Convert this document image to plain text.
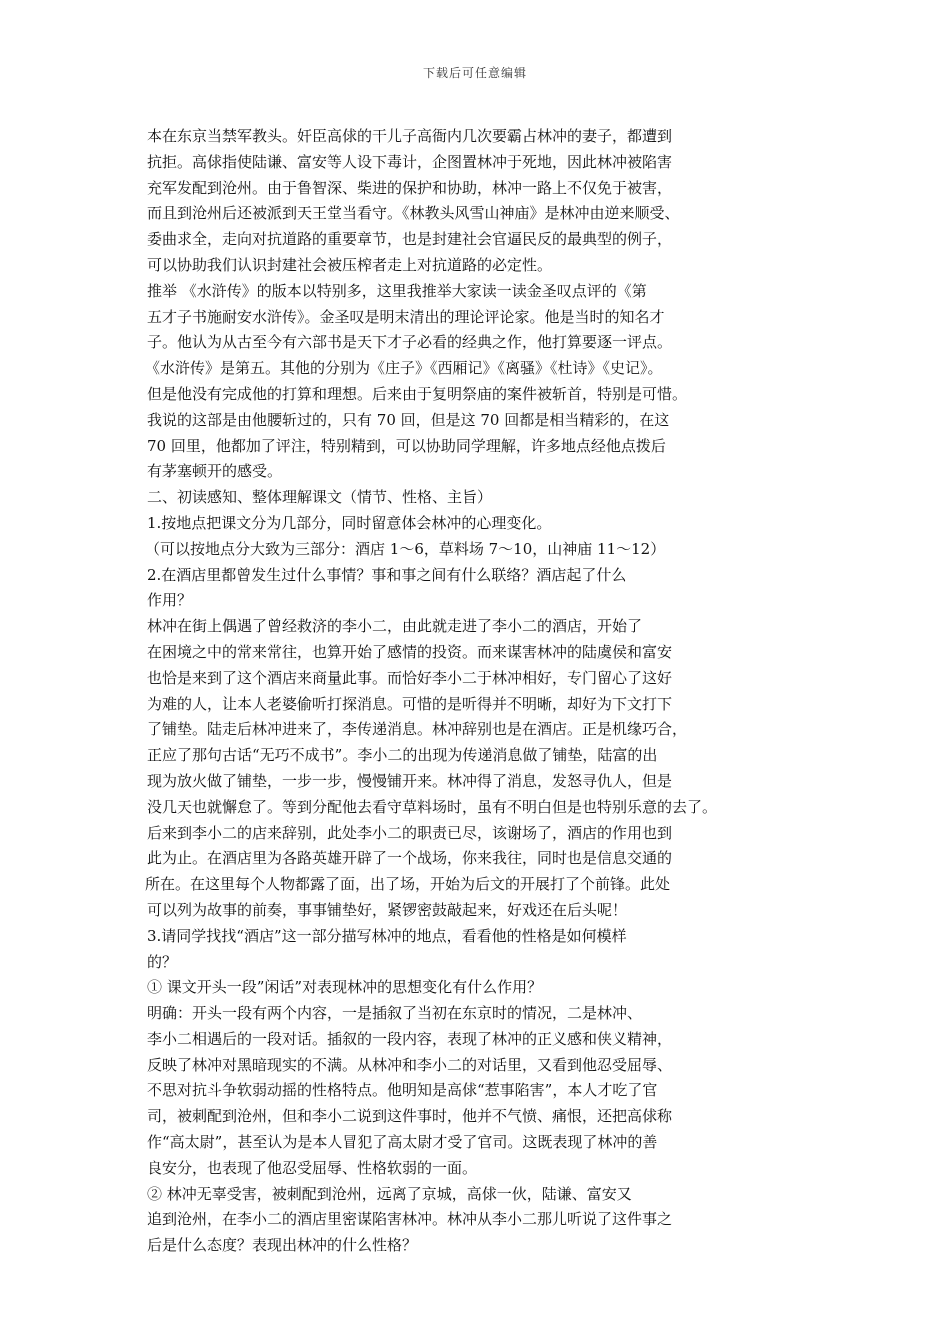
下载后可任意编辑
本在东京当禁军教头。奸臣高俅的干儿子高衙内几次要霸占林冲的妻子，都遭到
抗拒。高俅指使陆谦、富安等人设下毒计，企图置林冲于死地，因此林冲被陷害
充军发配到沧州。由于鲁智深、柴进的保护和协助，林冲一路上不仅免于被害，
而且到沧州后还被派到天王堂当看守。《林教头风雪山神庙》是林冲由逆来顺受、
委曲求全，走向对抗道路的重要章节，也是封建社会官逼民反的最典型的例子，
可以协助我们认识封建社会被压榨者走上对抗道路的必定性。
推举 《水浒传》的版本以特别多，这里我推举大家读一读金圣叹点评的《第
五才子书施耐安水浒传》。金圣叹是明末清出的理论评论家。他是当时的知名才
子。他认为从古至今有六部书是天下才子必看的经典之作，他打算要逐一评点。
《水浒传》是第五。其他的分别为《庄子》《西厢记》《离骚》《杜诗》《史记》。
但是他没有完成他的打算和理想。后来由于复明祭庙的案件被斩首，特别是可惜。
我说的这部是由他腰斩过的，只有 70 回，但是这 70 回都是相当精彩的，在这
70 回里，他都加了评注，特别精到，可以协助同学理解，许多地点经他点拨后
有茅塞顿开的感受。
二、初读感知、整体理解课文（情节、性格、主旨）
1.按地点把课文分为几部分，同时留意体会林冲的心理变化。
（可以按地点分大致为三部分：酒店 1～6，草料场 7～10，山神庙 11～12）
2.在酒店里都曾发生过什么事情？事和事之间有什么联络？酒店起了什么
作用？
林冲在街上偶遇了曾经救济的李小二，由此就走进了李小二的酒店，开始了
在困境之中的常来常往，也算开始了感情的投资。而来谋害林冲的陆虞侯和富安
也恰是来到了这个酒店来商量此事。而恰好李小二于林冲相好，专门留心了这好
为难的人，让本人老婆偷听打探消息。可惜的是听得并不明晰，却好为下文打下
了铺垫。陆走后林冲进来了，李传递消息。林冲辞别也是在酒店。正是机缘巧合，
正应了那句古话“无巧不成书”。李小二的出现为传递消息做了铺垫，陆富的出
现为放火做了铺垫，一步一步，慢慢铺开来。林冲得了消息，发怒寻仇人，但是
没几天也就懈怠了。等到分配他去看守草料场时，虽有不明白但是也特别乐意的去了。
后来到李小二的店来辞别，此处李小二的职责已尽，该谢场了，酒店的作用也到
此为止。在酒店里为各路英雄开辟了一个战场，你来我往，同时也是信息交通的
所在。在这里每个人物都露了面，出了场，开始为后文的开展打了个前锋。此处
可以列为故事的前奏，事事铺垫好，紧锣密鼓敲起来，好戏还在后头呢！
3.请同学找找“酒店”这一部分描写林冲的地点，看看他的性格是如何模样
的？
① 课文开头一段”闲话”对表现林冲的思想变化有什么作用？
明确：开头一段有两个内容，一是插叙了当初在东京时的情况，二是林冲、
李小二相遇后的一段对话。插叙的一段内容，表现了林冲的正义感和侠义精神，
反映了林冲对黑暗现实的不满。从林冲和李小二的对话里，又看到他忍受屈辱、
不思对抗斗争软弱动摇的性格特点。他明知是高俅“惹事陷害”，本人才吃了官
司，被刺配到沧州，但和李小二说到这件事时，他并不气愤、痛恨，还把高俅称
作“高太尉”，甚至认为是本人冒犯了高太尉才受了官司。这既表现了林冲的善
良安分，也表现了他忍受屈辱、性格软弱的一面。
② 林冲无辜受害，被刺配到沧州，远离了京城，高俅一伙，陆谦、富安又
追到沧州，在李小二的酒店里密谋陷害林冲。林冲从李小二那儿听说了这件事之
后是什么态度？表现出林冲的什么性格？
